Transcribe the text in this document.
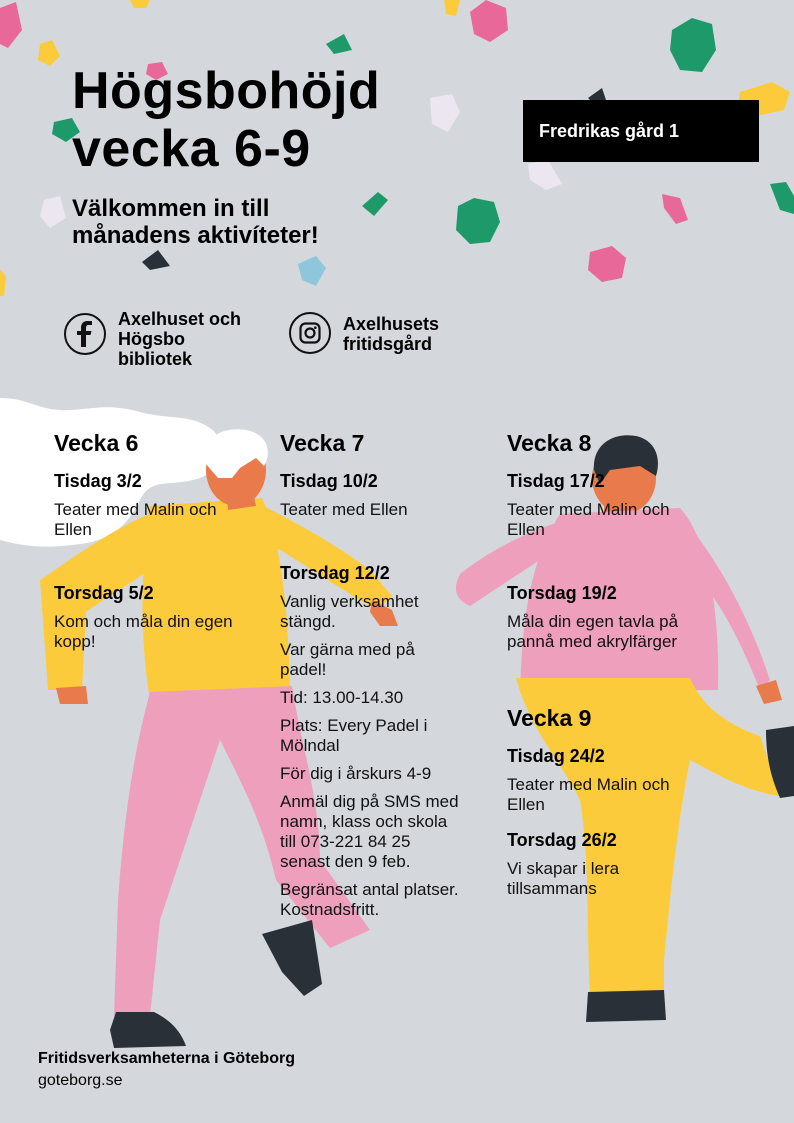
Högsbohöjd
vecka 6-9
Välkommen in till
månadens aktivíteter!
Fredrikas gård 1
Axelhuset och
Högsbo
bibliotek
Axelhusets
fritidsgård

Vecka 6

Tisdag 3/2

Teater med Malin och
Ellen

Torsdag 5/2

Kom och måla din egen
kopp!

Vecka 7

Tisdag 10/2

Teater med Ellen

Torsdag 12/2

Vanlig verksamhet
stängd.

Var gärna med på
padel!

Tid: 13.00-14.30

Plats: Every Padel i
Mölndal

För dig i årskurs 4-9

Anmäl dig på SMS med
namn, klass och skola
till 073-221 84 25
senast den 9 feb.

Begränsat antal platser.
Kostnadsfritt.

Vecka 8

Tisdag 17/2

Teater med Malin och
Ellen

Torsdag 19/2

Måla din egen tavla på
pannå med akrylfärger

Vecka 9

Tisdag 24/2

Teater med Malin och
Ellen

Torsdag 26/2

Vi skapar i lera
tillsammans

Fritidsverksamheterna i Göteborg
goteborg.se
